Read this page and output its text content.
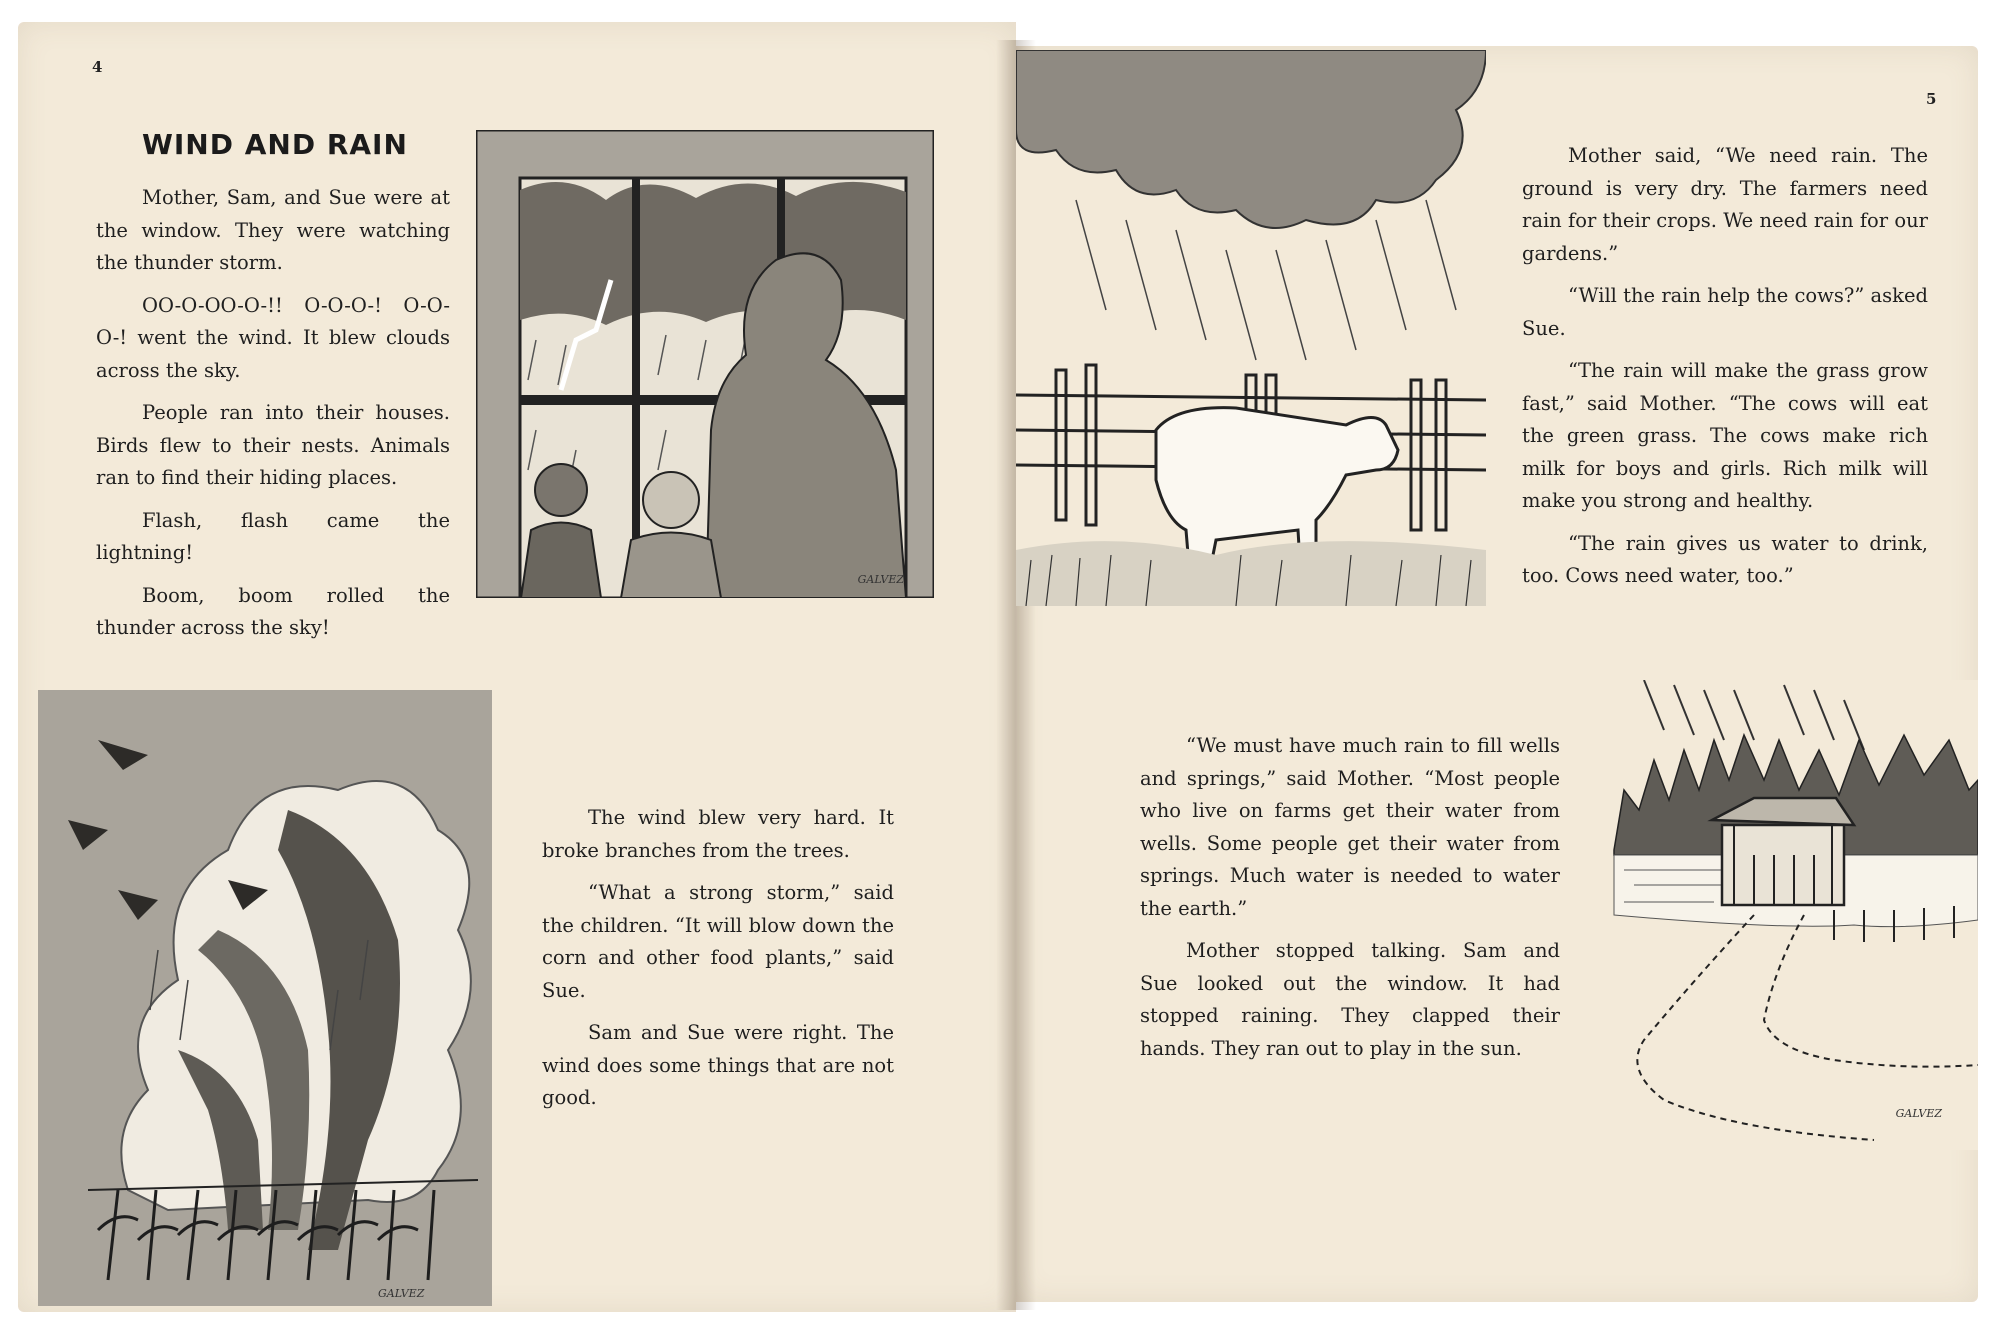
4
WIND AND RAIN

Mother, Sam, and Sue were at the window. They were watching the thunder storm.

OO-O-OO-O-!! O-O-O-! O-O-O-! went the wind. It blew clouds across the sky.

People ran into their houses. Birds flew to their nests. Animals ran to find their hiding places.

Flash, flash came the lightning!

Boom, boom rolled the thunder across the sky!

GALVEZ
GALVEZ

The wind blew very hard. It broke branches from the trees.

“What a strong storm,” said the children. “It will blow down the corn and other food plants,” said Sue.

Sam and Sue were right. The wind does some things that are not good.

5

Mother said, “We need rain. The ground is very dry. The farmers need rain for their crops. We need rain for our gardens.”

“Will the rain help the cows?” asked Sue.

“The rain will make the grass grow fast,” said Mother. “The cows will eat the green grass. The cows make rich milk for boys and girls. Rich milk will make you strong and healthy.

“The rain gives us water to drink, too. Cows need water, too.”

“We must have much rain to fill wells and springs,” said Mother. “Most people who live on farms get their water from wells. Some people get their water from springs. Much water is needed to water the earth.”

Mother stopped talking. Sam and Sue looked out the window. It had stopped raining. They clapped their hands. They ran out to play in the sun.

GALVEZ
